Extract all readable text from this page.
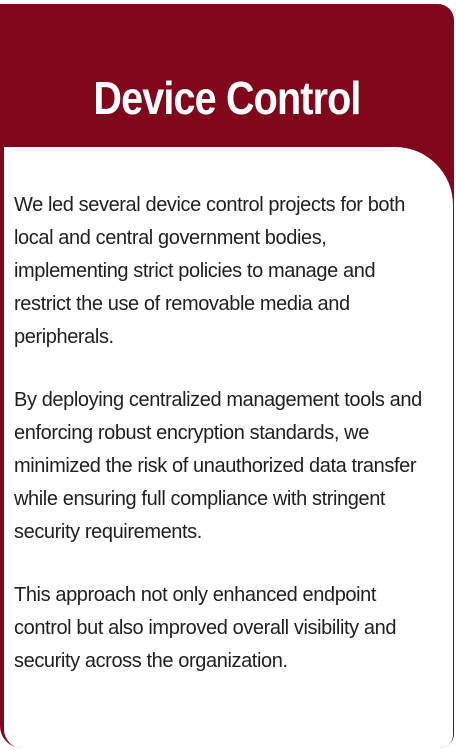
Device Control

We led several device control projects for both local and central government bodies, implementing strict policies to manage and restrict the use of removable media and peripherals.

By deploying centralized management tools and enforcing robust encryption standards, we minimized the risk of unauthorized data transfer while ensuring full compliance with stringent security requirements.

This approach not only enhanced endpoint control but also improved overall visibility and security across the organization.
